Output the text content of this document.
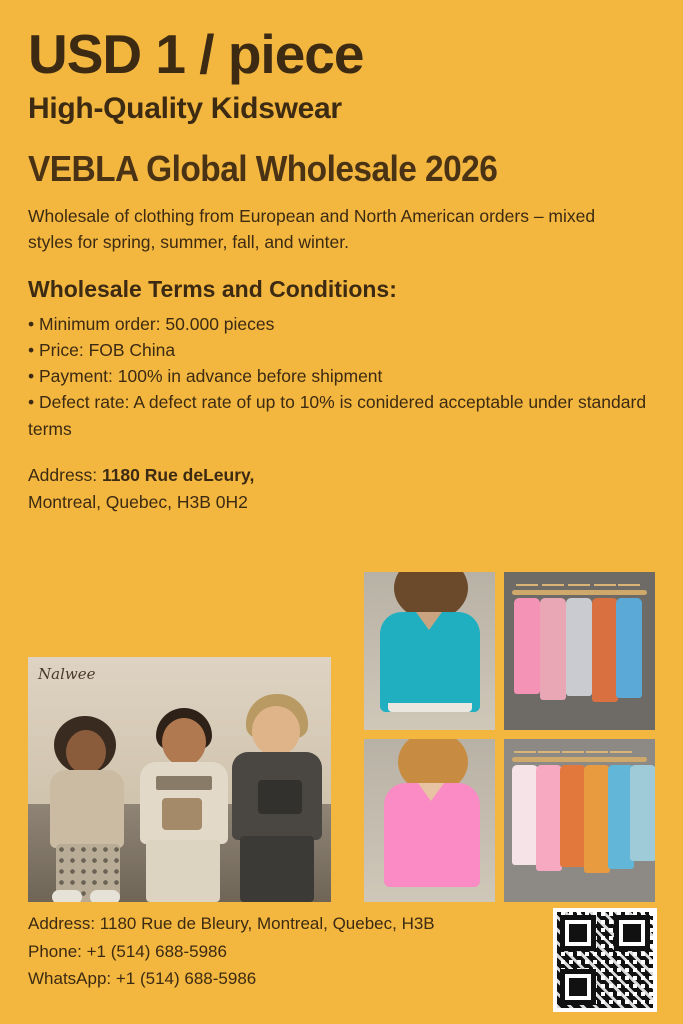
USD 1 / piece
High-Quality Kidswear
VEBLA Global Wholesale 2026
Wholesale of clothing from European and North American orders – mixed styles for spring, summer, fall, and winter.
Wholesale Terms and Conditions:
• Minimum order: 50.000 pieces
• Price: FOB China
• Payment: 100% in advance before shipment
• Defect rate: A defect rate of up to 10% is conidered acceptable under standard terms
Address: 1180 Rue deLeury,
Montreal, Quebec, H3B 0H2
Nalwee
Address: 1180 Rue de Bleury, Montreal, Quebec, H3B
Phone: +1 (514) 688-5986
WhatsApp: +1 (514) 688-5986
